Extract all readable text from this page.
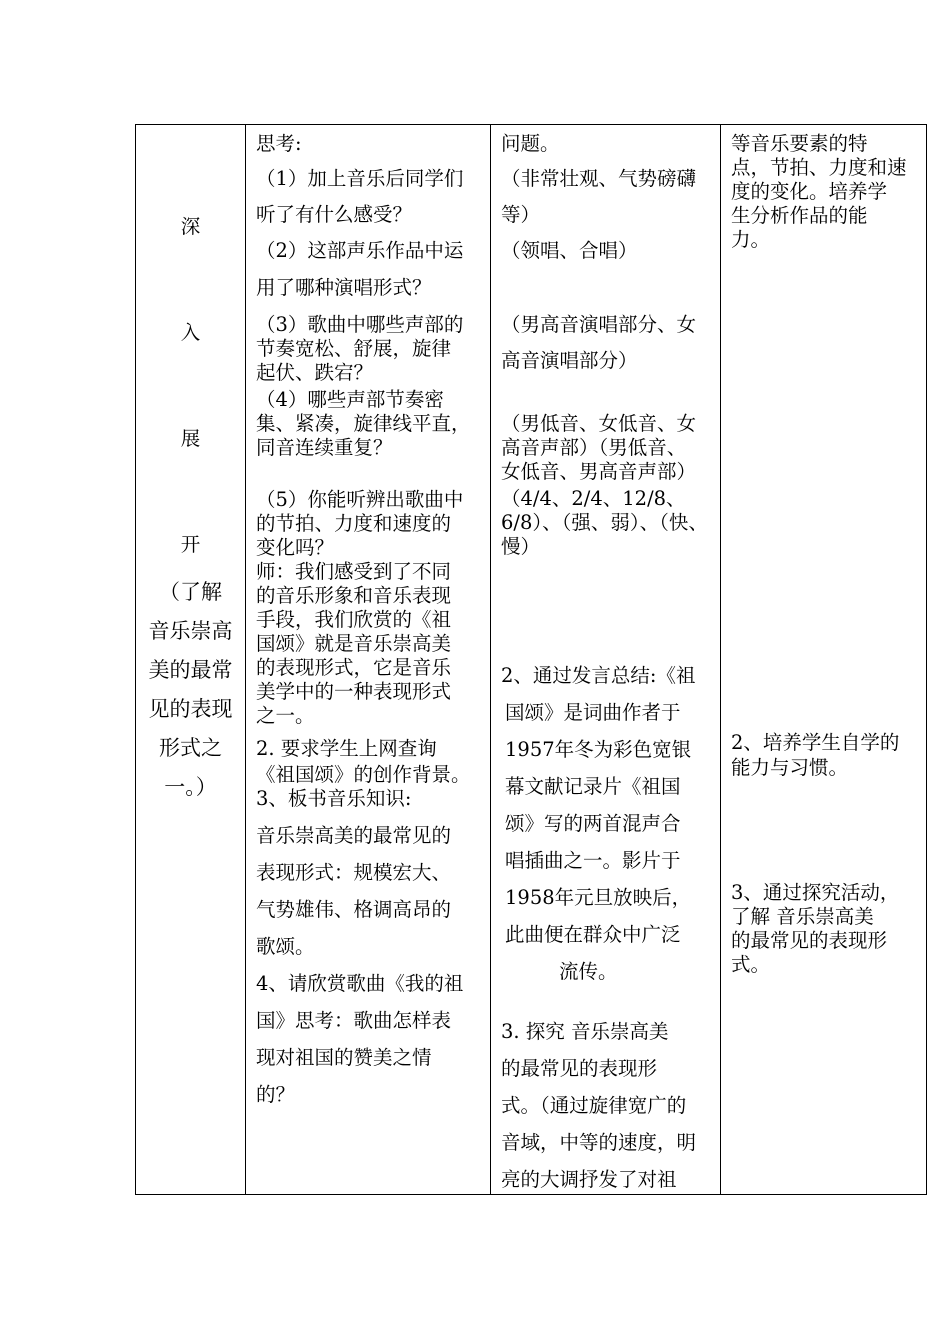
深
入
展
开
（了解
音乐崇高
美的最常
见的表现
形式之
一。）

思考:
（1）加上音乐后同学们
听了有什么感受？
（2）这部声乐作品中运
用了哪种演唱形式？
（3）歌曲中哪些声部的
节奏宽松、舒展，旋律
起伏、跌宕？
（4）哪些声部节奏密
集、紧凑，旋律线平直，
同音连续重复？
（5）你能听辨出歌曲中
的节拍、力度和速度的
变化吗？
师：我们感受到了不同
的音乐形象和音乐表现
手段，我们欣赏的《祖
国颂》就是音乐崇高美
的表现形式，它是音乐
美学中的一种表现形式
之一。
2. 要求学生上网查询
《祖国颂》的创作背景。
3、板书音乐知识:
音乐崇高美的最常见的
表现形式：规模宏大、
气势雄伟、格调高昂的
歌颂。
4、请欣赏歌曲《我的祖
国》思考：歌曲怎样表
现对祖国的赞美之情
的？

问题。
（非常壮观、气势磅礴
等）
（领唱、合唱）
（男高音演唱部分、女
高音演唱部分）
（男低音、女低音、女
高音声部）（男低音、
女低音、男高音声部）
（4/4、2/4、12/8、
6/8）、（强、弱）、（快、
慢）
2、通过发言总结:《祖
国颂》是词曲作者于
1957年冬为彩色宽银
幕文献记录片《祖国
颂》写的两首混声合
唱插曲之一。影片于
1958年元旦放映后，
此曲便在群众中广泛
流传。
3. 探究 音乐崇高美
的最常见的表现形
式。（通过旋律宽广的
音域，中等的速度，明
亮的大调抒发了对祖

等音乐要素的特
点，节拍、力度和速
度的变化。培养学
生分析作品的能
力。
2、培养学生自学的
能力与习惯。
3、通过探究活动，
了解 音乐崇高美
的最常见的表现形
式。
